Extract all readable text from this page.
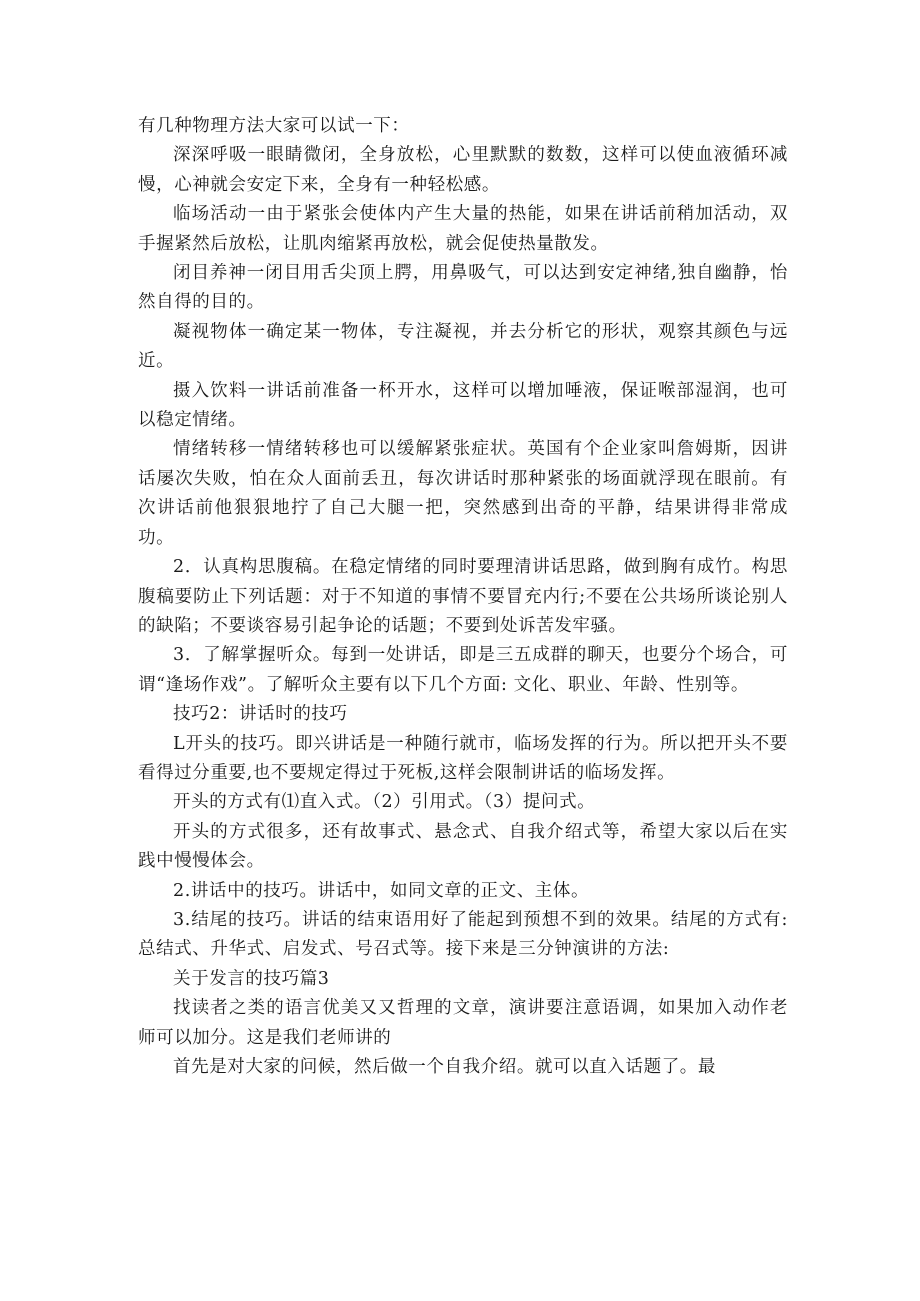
有几种物理方法大家可以试一下：

深深呼吸一眼睛微闭，全身放松，心里默默的数数，这样可以使血液循环减慢，心神就会安定下来，全身有一种轻松感。

临场活动一由于紧张会使体内产生大量的热能，如果在讲话前稍加活动，双手握紧然后放松，让肌肉缩紧再放松，就会促使热量散发。

闭目养神一闭目用舌尖顶上腭，用鼻吸气，可以达到安定神绪,独自幽静，怡然自得的目的。

凝视物体一确定某一物体，专注凝视，并去分析它的形状，观察其颜色与远近。

摄入饮料一讲话前准备一杯开水，这样可以增加唾液，保证喉部湿润，也可以稳定情绪。

情绪转移一情绪转移也可以缓解紧张症状。英国有个企业家叫詹姆斯，因讲话屡次失败，怕在众人面前丢丑，每次讲话时那种紧张的场面就浮现在眼前。有次讲话前他狠狠地拧了自己大腿一把，突然感到出奇的平静，结果讲得非常成功。

2．认真构思腹稿。在稳定情绪的同时要理清讲话思路，做到胸有成竹。构思腹稿要防止下列话题：对于不知道的事情不要冒充内行;不要在公共场所谈论别人的缺陷；不要谈容易引起争论的话题；不要到处诉苦发牢骚。

3．了解掌握听众。每到一处讲话，即是三五成群的聊天，也要分个场合，可谓“逢场作戏”。了解听众主要有以下几个方面: 文化、职业、年龄、性别等。

技巧2：讲话时的技巧

L开头的技巧。即兴讲话是一种随行就市，临场发挥的行为。所以把开头不要看得过分重要,也不要规定得过于死板,这样会限制讲话的临场发挥。

开头的方式有⑴直入式。（2）引用式。（3）提问式。

开头的方式很多，还有故事式、悬念式、自我介绍式等，希望大家以后在实践中慢慢体会。

2.讲话中的技巧。讲话中，如同文章的正文、主体。

3.结尾的技巧。讲话的结束语用好了能起到预想不到的效果。结尾的方式有: 总结式、升华式、启发式、号召式等。接下来是三分钟演讲的方法:

关于发言的技巧篇3

找读者之类的语言优美又又哲理的文章，演讲要注意语调，如果加入动作老师可以加分。这是我们老师讲的

首先是对大家的问候，然后做一个自我介绍。就可以直入话题了。最
